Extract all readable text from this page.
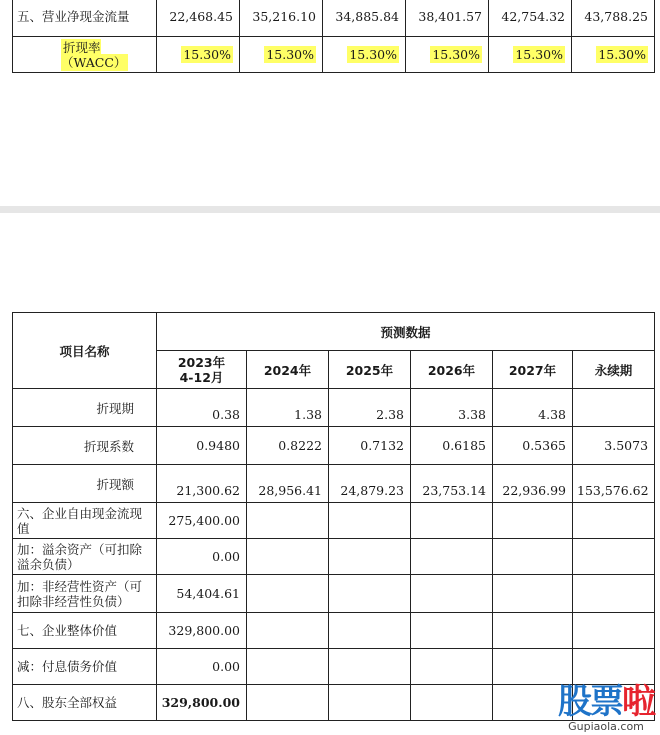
五、营业净现金流量	22,468.45	35,216.10	34,885.84	38,401.57	42,754.32	43,788.25
折现率（WACC）	15.30%	15.30%	15.30%	15.30%	15.30%	15.30%
项目名称	预测数据					
	2023年4-12月	2024年	2025年	2026年	2027年	永续期
折现期	0.38	1.38	2.38	3.38	4.38	
折现系数	0.9480	0.8222	0.7132	0.6185	0.5365	3.5073
折现额	21,300.62	28,956.41	24,879.23	23,753.14	22,936.99	153,576.62
六、企业自由现金流现值	275,400.00					
加：溢余资产（可扣除溢余负债）	0.00					
加：非经营性资产（可扣除非经营性负债）	54,404.61					
七、企业整体价值	329,800.00					
减：付息债务价值	0.00					
八、股东全部权益	329,800.00						股票啦
Gupiaola.com
